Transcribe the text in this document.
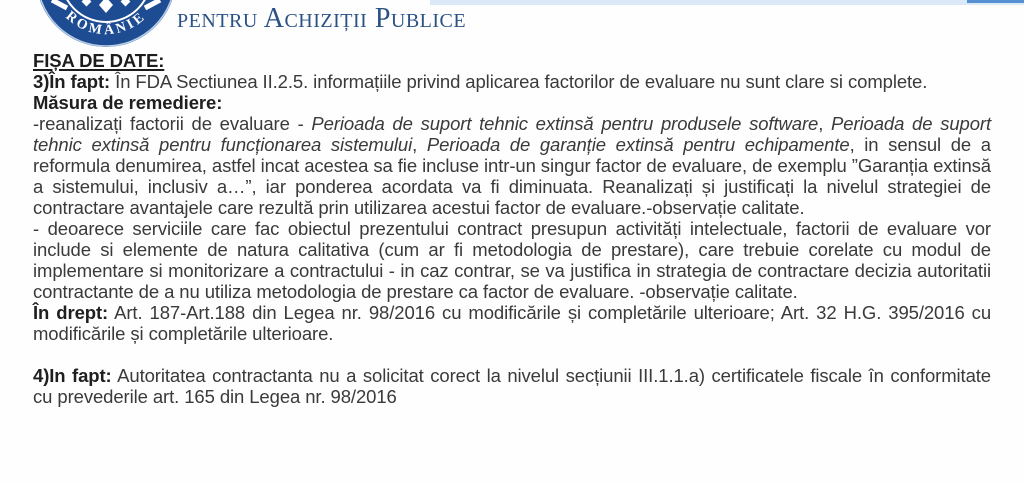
ROMÂNIE pentru Achiziții Publice

FIȘA DE DATE:

3)În fapt: În FDA Sectiunea II.2.5. informațiile privind aplicarea factorilor de evaluare nu sunt clare si complete.

Măsura de remediere:

-reanalizați factorii de evaluare - Perioada de suport tehnic extinsă pentru produsele software, Perioada de suport tehnic extinsă pentru funcționarea sistemului, Perioada de garanție extinsă pentru echipamente, in sensul de a reformula denumirea, astfel incat acestea sa fie incluse intr-un singur factor de evaluare, de exemplu ”Garanția extinsă a sistemului, inclusiv a…”, iar ponderea acordata va fi diminuata. Reanalizați și justificați la nivelul strategiei de contractare avantajele care rezultă prin utilizarea acestui factor de evaluare.-observație calitate.

- deoarece serviciile care fac obiectul prezentului contract presupun activități intelectuale, factorii de evaluare vor include si elemente de natura calitativa (cum ar fi metodologia de prestare), care trebuie corelate cu modul de implementare si monitorizare a contractului - in caz contrar, se va justifica in strategia de contractare decizia autoritatii contractante de a nu utiliza metodologia de prestare ca factor de evaluare. -observație calitate.

În drept: Art. 187-Art.188 din Legea nr. 98/2016 cu modificările și completările ulterioare; Art. 32 H.G. 395/2016 cu modificările și completările ulterioare.

4)In fapt: Autoritatea contractanta nu a solicitat corect la nivelul secțiunii III.1.1.a) certificatele fiscale în conformitate cu prevederile art. 165 din Legea nr. 98/2016
